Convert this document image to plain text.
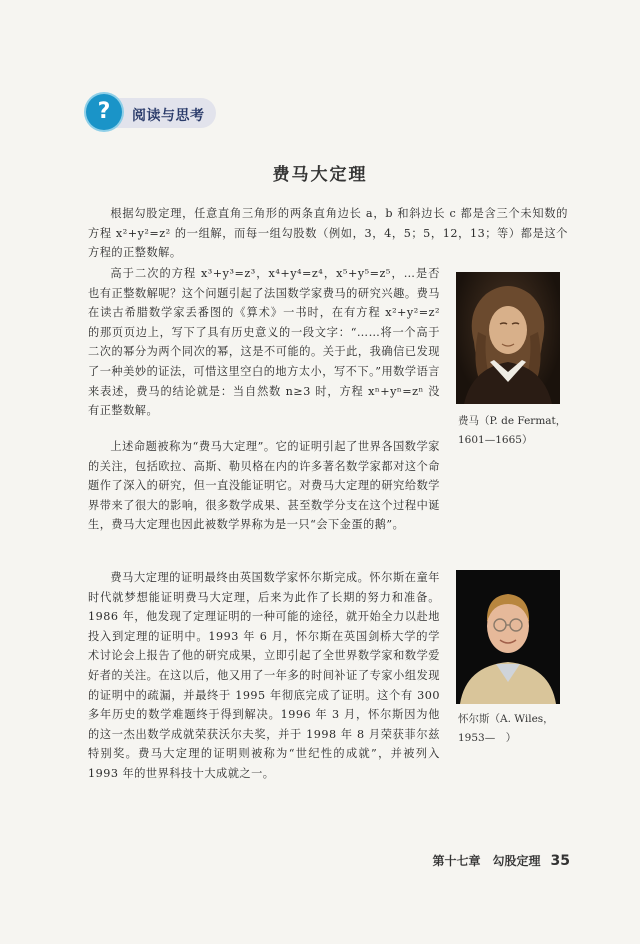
?	阅读与思考
费马大定理

根据勾股定理，任意直角三角形的两条直角边长 a，b 和斜边长 c 都是含三个未知数的方程 x²+y²=z² 的一组解，而每一组勾股数（例如，3，4，5；5，12，13；等）都是这个方程的正整数解。

高于二次的方程 x³+y³=z³，x⁴+y⁴=z⁴，x⁵+y⁵=z⁵，…是否也有正整数解呢？这个问题引起了法国数学家费马的研究兴趣。费马在读古希腊数学家丢番图的《算术》一书时，在有方程 x²+y²=z² 的那页页边上，写下了具有历史意义的一段文字：“……将一个高于二次的幂分为两个同次的幂，这是不可能的。关于此，我确信已发现了一种美妙的证法，可惜这里空白的地方太小，写不下。”用数学语言来表述，费马的结论就是：当自然数 n≥3 时，方程 xⁿ+yⁿ=zⁿ 没有正整数解。

上述命题被称为“费马大定理”。它的证明引起了世界各国数学家的关注，包括欧拉、高斯、勒贝格在内的许多著名数学家都对这个命题作了深入的研究，但一直没能证明它。对费马大定理的研究给数学界带来了很大的影响，很多数学成果、甚至数学分支在这个过程中诞生，费马大定理也因此被数学界称为是一只“会下金蛋的鹅”。

费马大定理的证明最终由英国数学家怀尔斯完成。怀尔斯在童年时代就梦想能证明费马大定理，后来为此作了长期的努力和准备。1986 年，他发现了定理证明的一种可能的途径，就开始全力以赴地投入到定理的证明中。1993 年 6 月，怀尔斯在英国剑桥大学的学术讨论会上报告了他的研究成果，立即引起了全世界数学家和数学爱好者的关注。在这以后，他又用了一年多的时间补证了专家小组发现的证明中的疏漏，并最终于 1995 年彻底完成了证明。这个有 300 多年历史的数学难题终于得到解决。1996 年 3 月，怀尔斯因为他的这一杰出数学成就荣获沃尔夫奖，并于 1998 年 8 月荣获菲尔兹特别奖。费马大定理的证明则被称为“世纪性的成就”，并被列入 1993 年的世界科技十大成就之一。

费马（P. de Fermat，
1601—1665）
怀尔斯（A. Wiles，
1953—　）
第十七章　勾股定理 35
